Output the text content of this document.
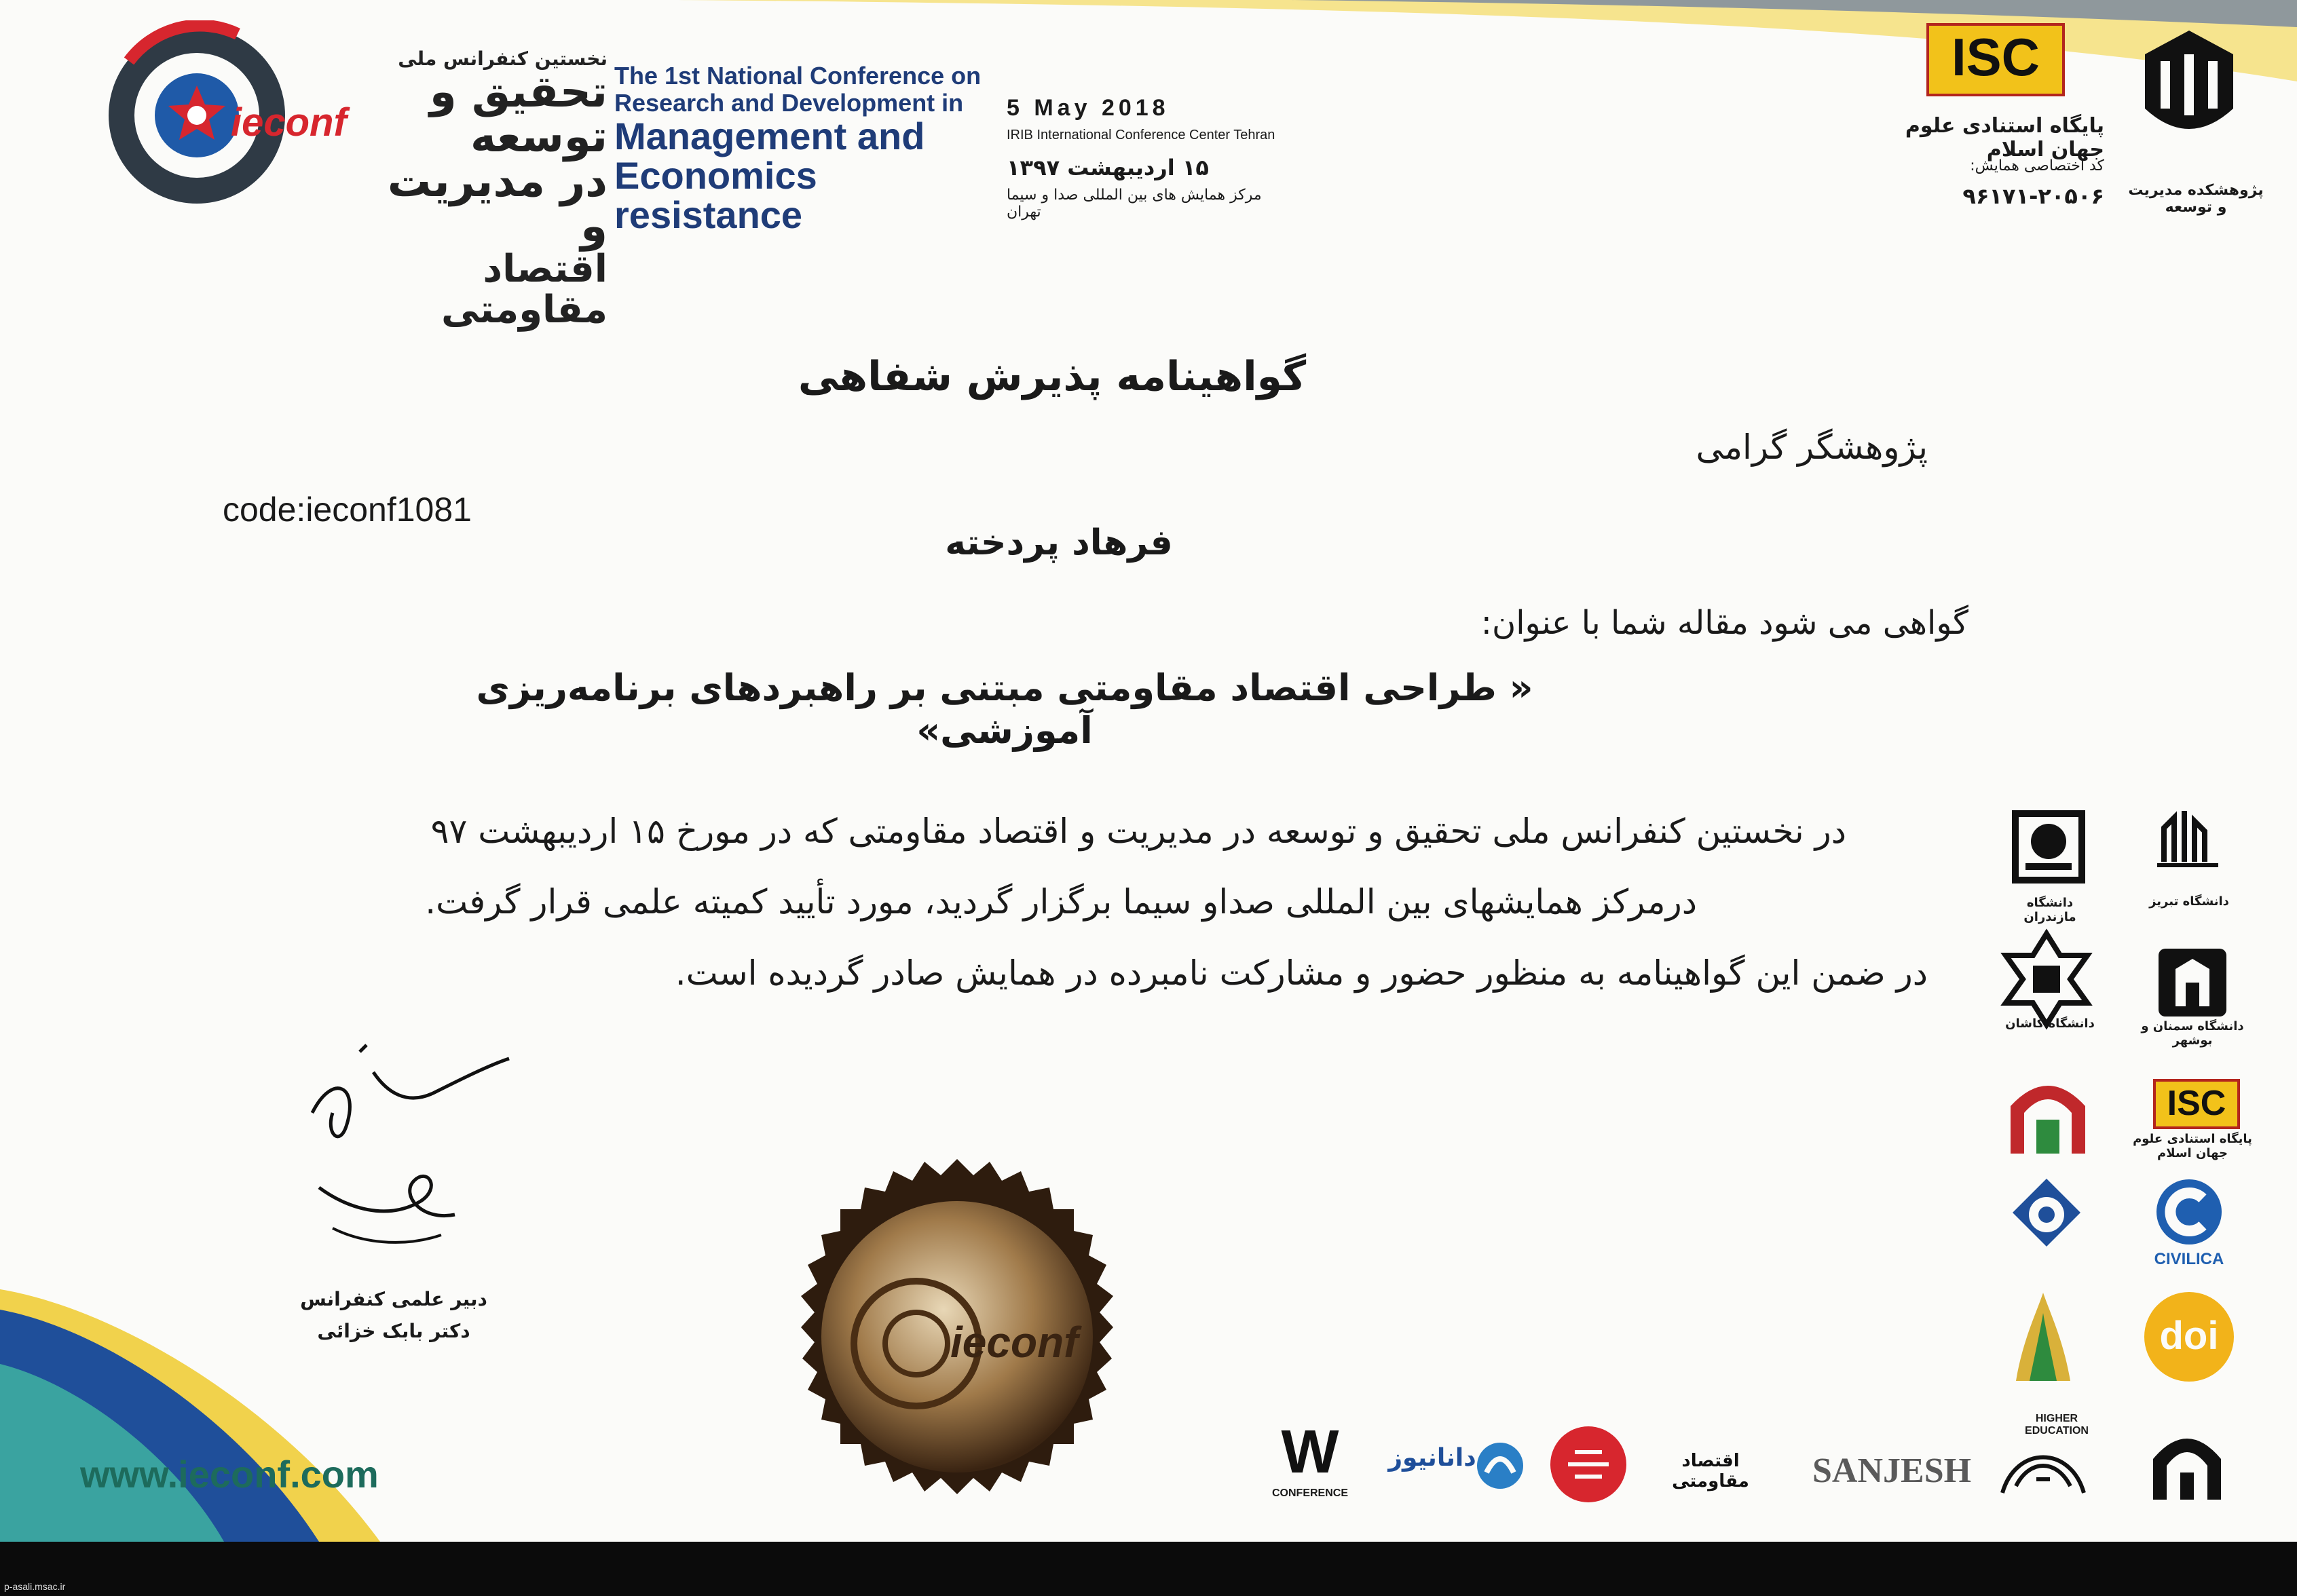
ieconf
نخستین کنفرانس ملی
تحقیق و توسعه
در مدیریت و
اقتصاد مقاومتی
The 1st National Conference on
Research and Development in
Management and
Economics resistance
5 May 2018
IRIB International Conference Center Tehran
۱۵ اردیبهشت ۱۳۹۷
مرکز همایش های بین المللی صدا و سیما تهران
ISC
پایگاه استنادی علوم جهان اسلام
کد اختصاصی همایش:
۹۶۱۷۱-۲۰۵۰۶ پژوهشکده مدیریت و توسعه
گواهینامه پذیرش شفاهی
پژوهشگر گرامی
code:ieconf1081
فرهاد پردخته
گواهی می شود مقاله شما با عنوان:
« طراحی اقتصاد مقاومتی مبتنی بر راهبردهای برنامه‌ریزی آموزشی»
در نخستین کنفرانس ملی تحقیق و توسعه در مدیریت و اقتصاد مقاومتی که در مورخ ۱۵ اردیبهشت ۹۷
درمرکز همایشهای بین المللی صداو سیما برگزار گردید، مورد تأیید کمیته علمی قرار گرفت.
در ضمن این گواهینامه به منظور حضور و مشارکت نامبرده در همایش صادر گردیده است.
دبیر علمی کنفرانس
دکتر بابک خزائی	ieconf
www.ieconf.com
دانشگاه تبریز
دانشگاه مازندران
دانشگاه کاشان	دانشگاه سمنان و بوشهر
ISC
پایگاه استنادی علوم جهان اسلام
CIVILICA
doi
HIGHER EDUCATION
W
CONFERENCE
دانانیوز	اقتصاد مقاومتی	SANJESH
p-asali.msac.ir
